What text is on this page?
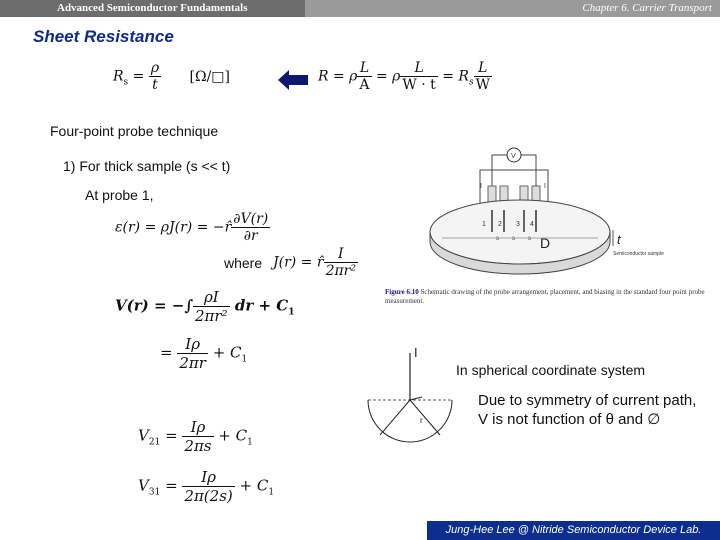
Advanced Semiconductor Fundamentals	Chapter 6. Carrier Transport
Sheet Resistance
$R_s = \frac{\rho}{t}$ [Ω/□]	R = ρ $\frac{L}{A} = \rho \frac{L}{W \cdot t} = R_s \frac{L}{W}$
Four-point probe technique
1) For thick sample (s << t)
At probe 1,
ε(r) = ρJ(r) = −r̂ $\frac{\partial V(r)}{\partial r}$
where J(r) = r̂ $\frac{I}{\text{2πr²}}$
V(r) = −∫ $\frac{\rho I}{\text{2πr²}}$ dr + $C_1$
= $\frac{I\rho}{2\pi r} + C_1$
$V_{21} = \frac{I\rho}{2\pi s} + C_1$
$V_{31} = \frac{I\rho}{2\pi(2s)} + C_1$
V
I	I
1 2 3 4
s s s D	t
Semiconductor sample
Figure 6.10 Schematic drawing of the probe arrangement, placement, and biasing in the standard four point probe measurement.
I
r
In spherical coordinate system
Due to symmetry of current path,
V is not function of θ and ∅
Jung-Hee Lee @ Nitride Semiconductor Device Lab.
